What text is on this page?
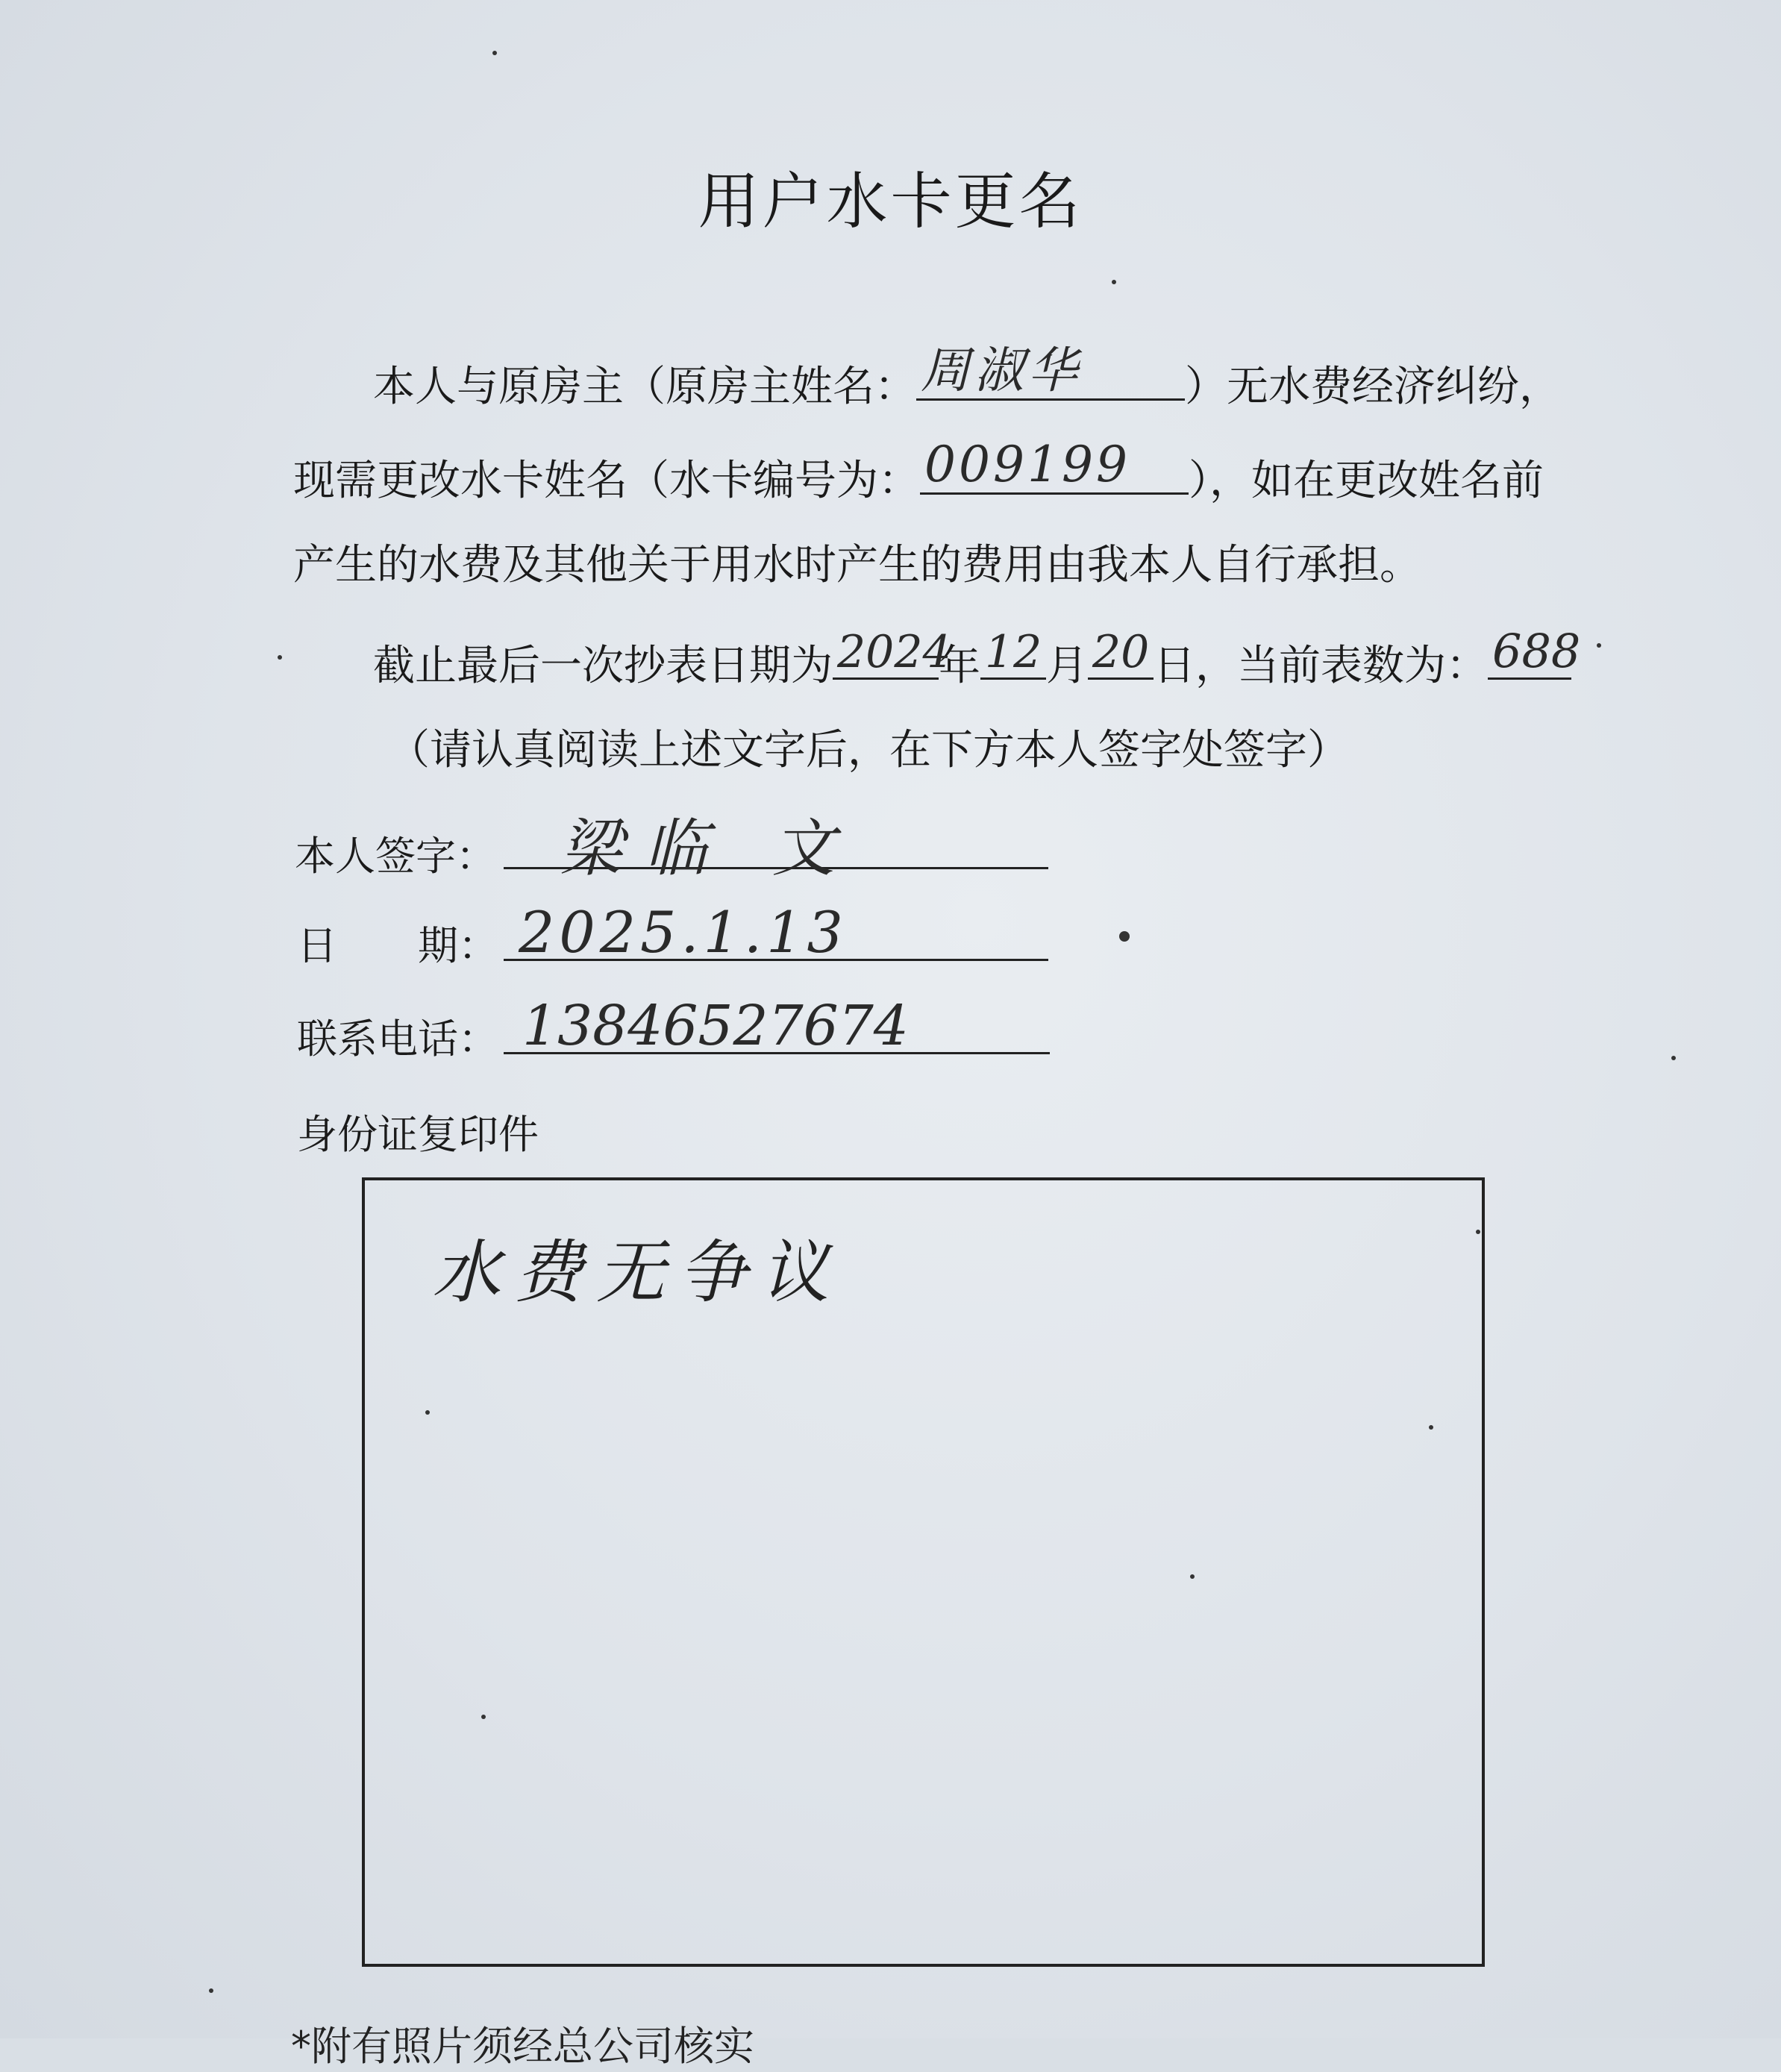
用户水卡更名
本人与原房主（原房主姓名： 周淑华 ）无水费经济纠纷，
现需更改水卡姓名（水卡编号为： 009199 ），如在更改姓名前
产生的水费及其他关于用水时产生的费用由我本人自行承担。
截止最后一次抄表日期为 2024
年 12 月 20 日，当前表数为： 688
（请认真阅读上述文字后，在下方本人签字处签字）
本人签字： 梁临 文
日　　期： 2025.1.13
联系电话： 13846527674
身份证复印件
水费无争议
*附有照片须经总公司核实
